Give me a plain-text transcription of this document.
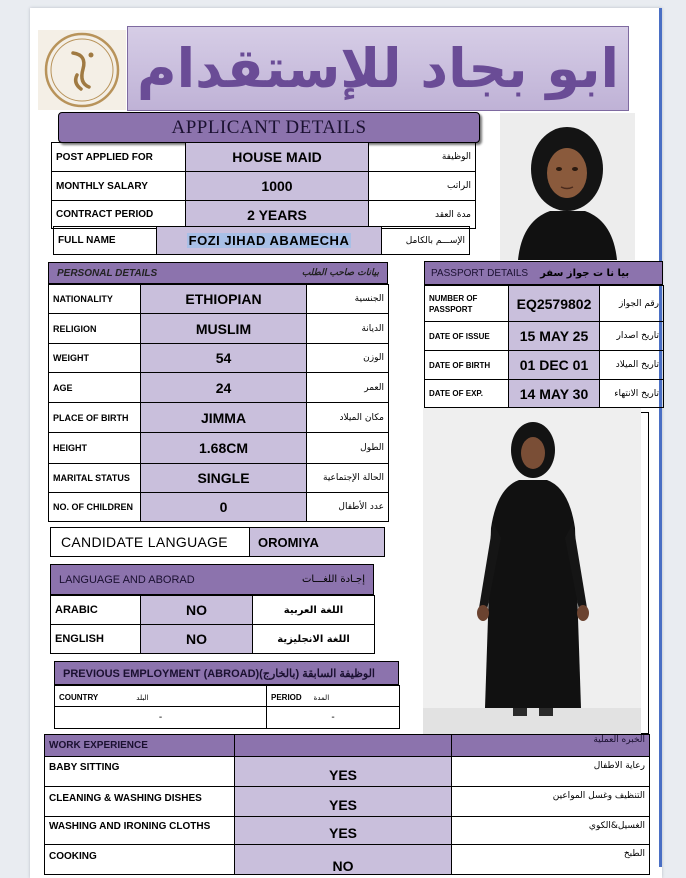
ابو بجاد للإستقدام
APPLICANT DETAILS
POST APPLIED FOR	HOUSE MAID	الوظيفة
MONTHLY SALARY	1000	الراتب
CONTRACT PERIOD	2 YEARS	مدة العقد
FULL NAME	FOZI JIHAD ABAMECHA	الإســـم بالكامل
PERSONAL DETAILS	بيانات صاحب الطلب
NATIONALITY	ETHIOPIAN	الجنسية
RELIGION	MUSLIM	الديانة
WEIGHT	54	الوزن
AGE	24	العمر
PLACE OF BIRTH	JIMMA	مكان الميلاد
HEIGHT	1.68CM	الطول
MARITAL STATUS	SINGLE	الحالة الإجتماعية
NO. OF CHILDREN	0	عدد الأطفال
PASSPORT DETAILS بيا نا ت جواز سفر
NUMBER OF PASSPORT	EQ2579802	رقم الجواز
DATE OF ISSUE	15 MAY 25	تاريخ اصدار
DATE OF BIRTH	01 DEC 01	تاريخ الميلاد
DATE OF EXP.	14 MAY 30	تاريخ الانتهاء
CANDIDATE LANGUAGE	OROMIYA
LANGUAGE AND ABORAD	إجـادة اللغـــات
ARABIC	NO	اللغة العربية
ENGLISH	NO	اللغة الانجليزية
PREVIOUS EMPLOYMENT (ABROAD)(الوظيفة السابقة (بالخارج
COUNTRY البلد	PERIOD المدة
-	-
WORK EXPERIENCE		الخبره العملية
BABY SITTING	YES	رعاية الاطفال
CLEANING & WASHING DISHES	YES	التنظيف وغسل المواعين
WASHING AND IRONING CLOTHS	YES	الغسيل&الكوي
COOKING	NO	الطبخ
